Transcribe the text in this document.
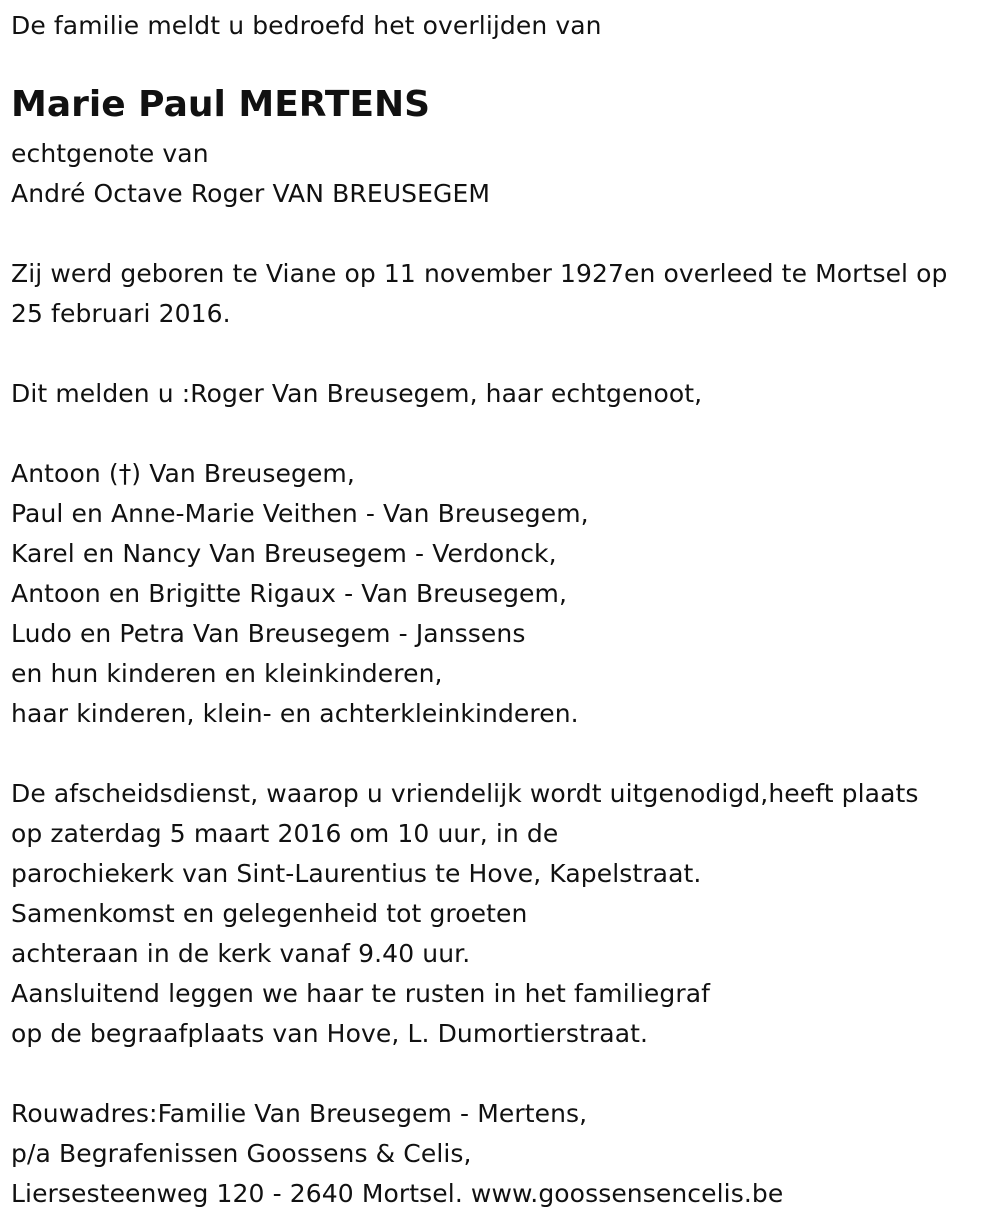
De familie meldt u bedroefd het overlijden van
Marie Paul MERTENS
echtgenote van
André Octave Roger VAN BREUSEGEM
Zij werd geboren te Viane op 11 november 1927en overleed te Mortsel op
25 februari 2016.
Dit melden u :Roger Van Breusegem, haar echtgenoot,
Antoon (†) Van Breusegem,
Paul en Anne-Marie Veithen - Van Breusegem,
Karel en Nancy Van Breusegem - Verdonck,
Antoon en Brigitte Rigaux - Van Breusegem,
Ludo en Petra Van Breusegem - Janssens
en hun kinderen en kleinkinderen,
haar kinderen, klein- en achterkleinkinderen.
De afscheidsdienst, waarop u vriendelijk wordt uitgenodigd,heeft plaats
op zaterdag 5 maart 2016 om 10 uur, in de
parochiekerk van Sint-Laurentius te Hove, Kapelstraat.
Samenkomst en gelegenheid tot groeten
achteraan in de kerk vanaf 9.40 uur.
Aansluitend leggen we haar te rusten in het familiegraf
op de begraafplaats van Hove, L. Dumortierstraat.
Rouwadres:Familie Van Breusegem - Mertens,
p/a Begrafenissen Goossens & Celis,
Liersesteenweg 120 - 2640 Mortsel. www.goossensencelis.be
